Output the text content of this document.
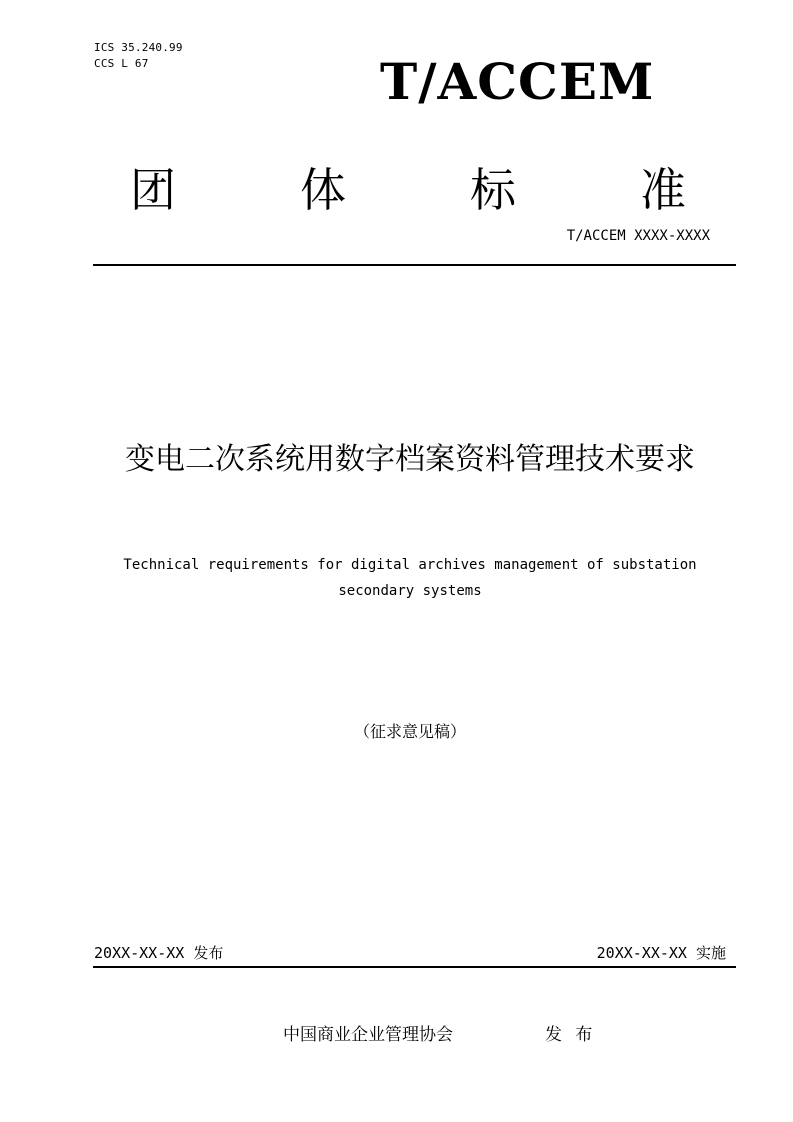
ICS 35.240.99
CCS L 67	T/ACCEM
团	体	标	准
T/ACCEM XXXX-XXXX
变电二次系统用数字档案资料管理技术要求
Technical requirements for digital archives management of substation
secondary systems
（征求意见稿）
20XX-XX-XX 发布	20XX-XX-XX 实施
中国商业企业管理协会	发 布
